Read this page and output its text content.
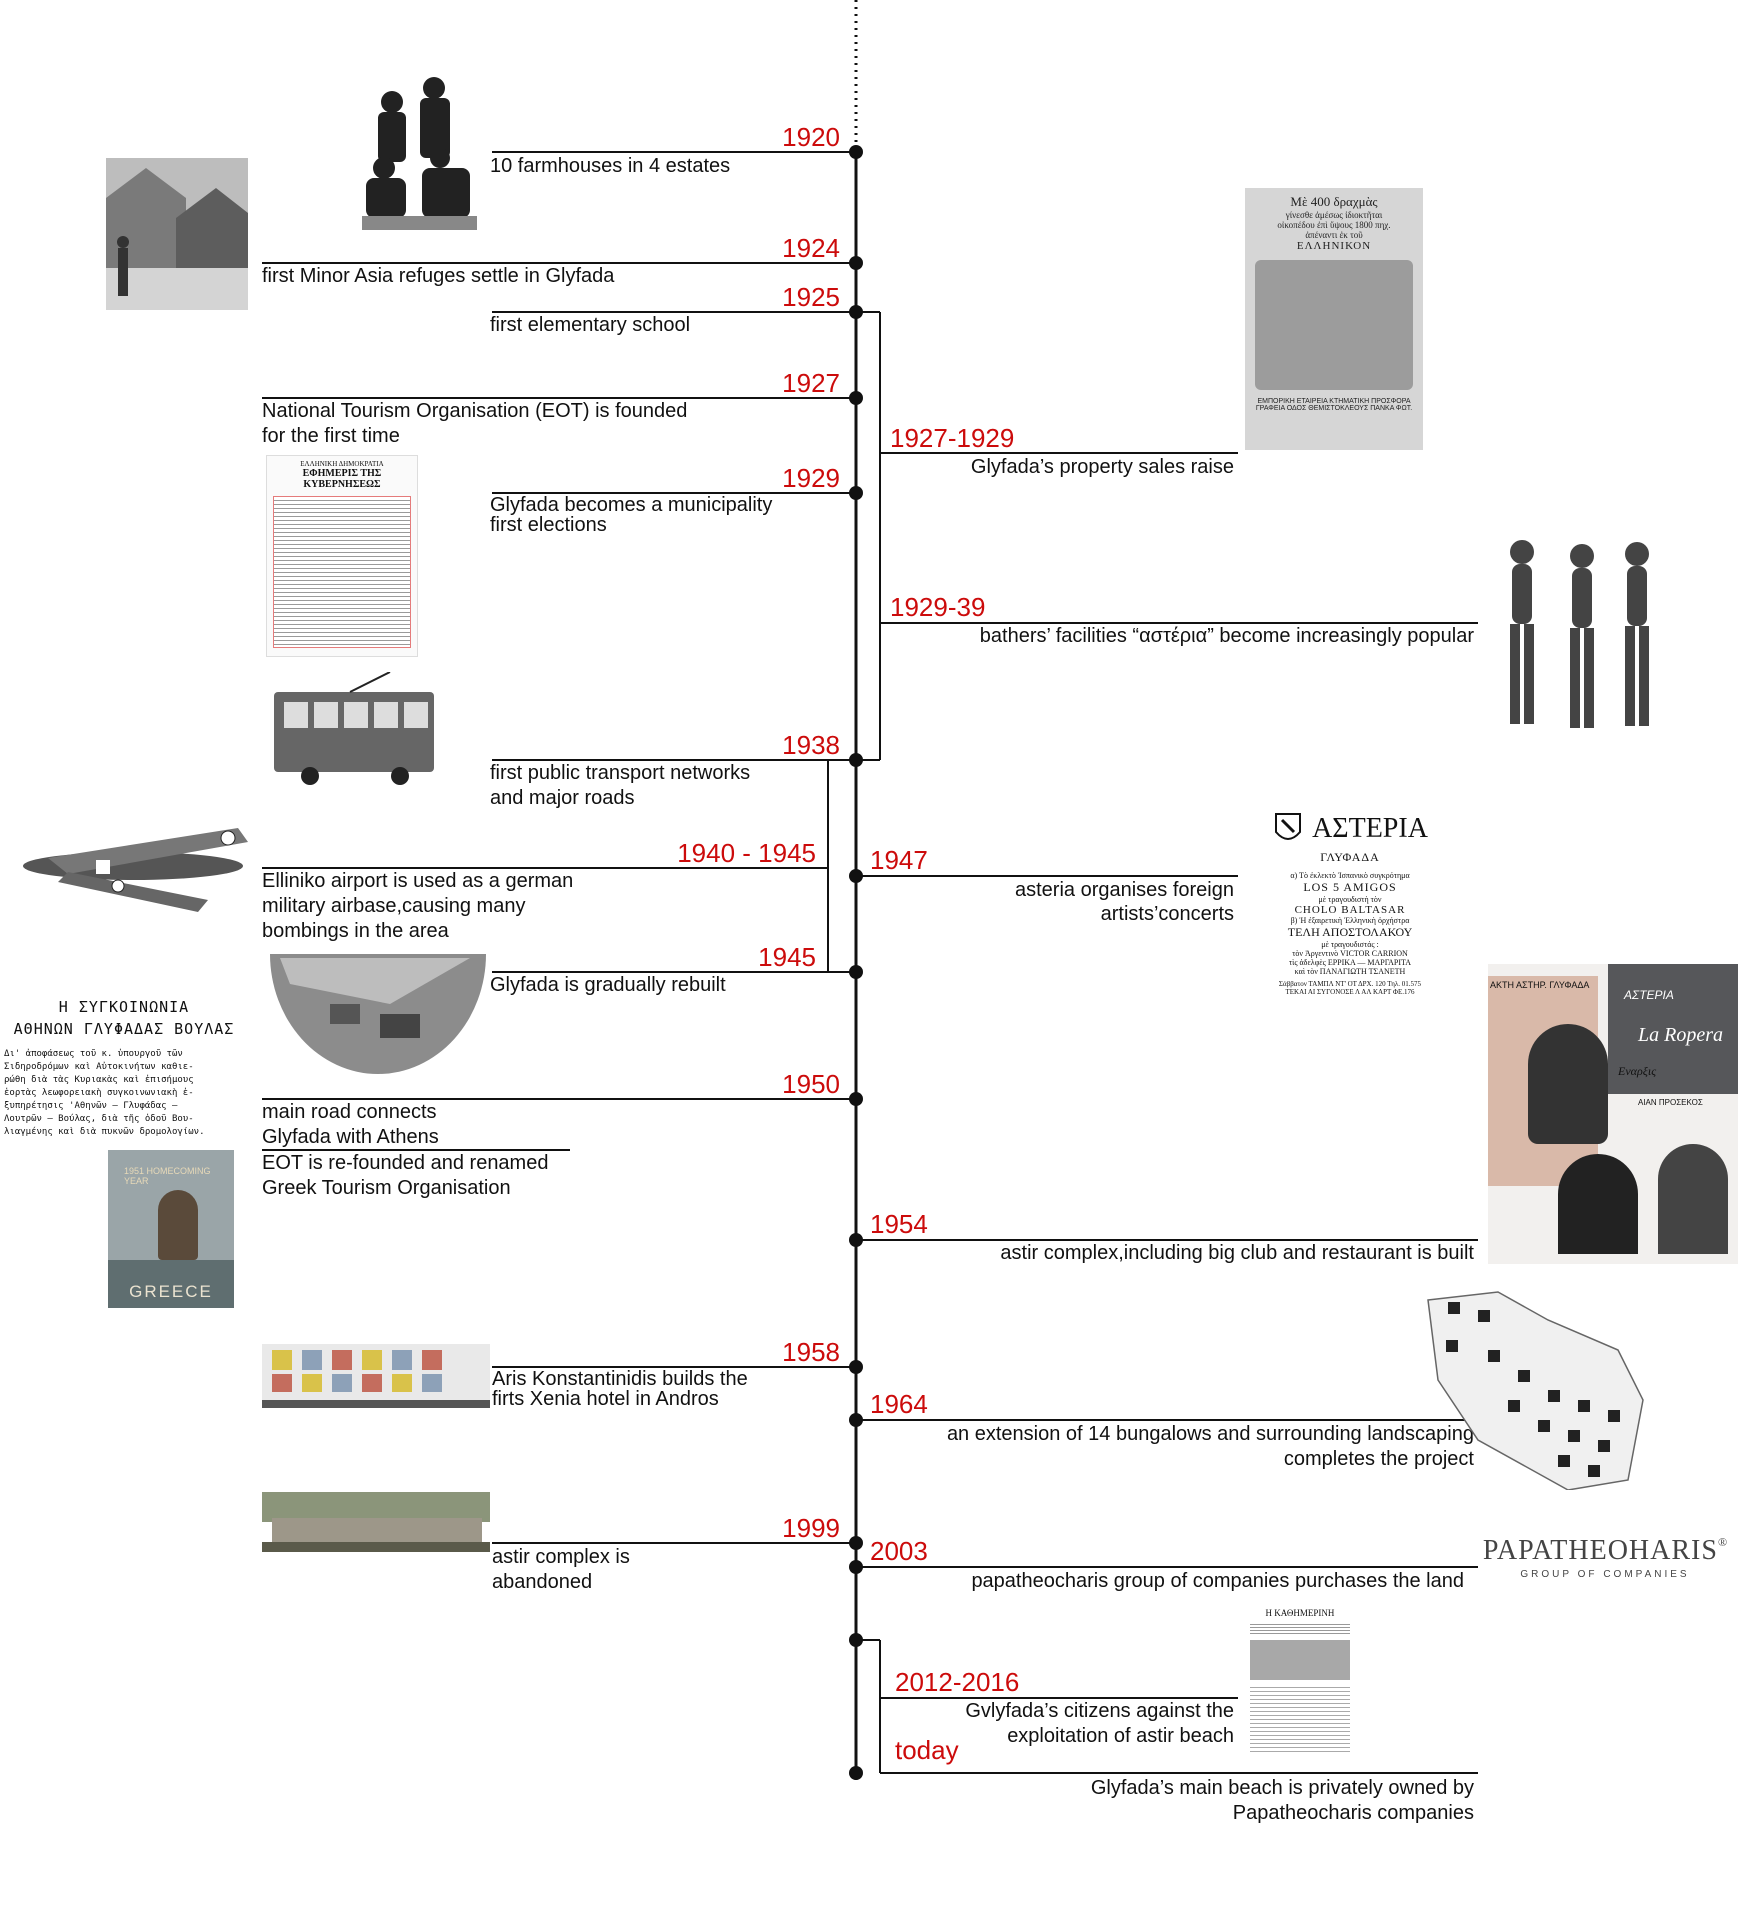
1920
10 farmhouses in 4 estates
1924
first Minor Asia refuges settle in Glyfada
1925
first elementary school
1927
National Tourism Organisation (EOT) is founded
for the first time
1929
Glyfada becomes a municipality
first elections
1938
first public transport networks
and major roads
1940 - 1945
Elliniko airport is used as a german
military airbase,causing many
bombings in the area
1945
Glyfada is gradually rebuilt
1950
main road connects
Glyfada with Athens
EOT is re-founded and renamed
Greek Tourism Organisation
1958
Aris Konstantinidis builds the
firts Xenia hotel in Andros
1999
astir complex is
abandoned
1927-1929
Glyfada’s property sales raise
1929-39
bathers’ facilities “αστέρια” become increasingly popular
1947
asteria organises foreign
artists’concerts
1954
astir complex,including big club and restaurant is built
1964
an extension of 14 bungalows and surrounding landscaping
completes the project
2003
papatheocharis group of companies purchases the land
2012-2016
Gvlyfada’s citizens against the
exploitation of astir beach
today
Glyfada’s main beach is privately owned by
Papatheocharis companies
ΕΛΛΗΝΙΚΗ ΔΗΜΟΚΡΑΤΙΑ
ΕΦΗΜΕΡΙΣ ΤΗΣ ΚΥΒΕΡΝΗΣΕΩΣ
Η ΣΥΓΚΟΙΝΩΝΙΑ
ΑΘΗΝΩΝ ΓΛΥΦΑΔΑΣ ΒΟΥΛΑΣ
Δι' ἀποφάσεως τοῦ κ. ὑπουργοῦ τῶν
Σιδηροδρόμων καὶ Αὐτοκινήτων καθιε-
ρώθη διὰ τὰς Κυριακὰς καὶ ἐπισήμους
ἑορτὰς λεωφορειακὴ συγκοινωνιακὴ ἐ-
ξυπηρέτησις 'Αθηνῶν — Γλυφάδας —
Λουτρῶν — Βούλας, διὰ τῆς ὁδοῦ Βου-
λιαγμένης καὶ διὰ πυκνῶν δρομολογίων.
1951 HOMECOMING YEAR
GREECE
Μὲ 400 δραχμὰς
γίνεσθε ἀμέσως ἰδιοκτῆται
οἰκοπέδου ἐπὶ ὕψους 1800 πηχ.
ἀπέναντι ἐκ τοῦ
ΕΛΛΗΝΙΚΟΝ
ΕΜΠΟΡΙΚΗ ΕΤΑΙΡΕΙΑ ΚΤΗΜΑΤΙΚΗ ΠΡΟΣΦΟΡΑ
ΓΡΑΦΕΙΑ ΟΔΟΣ ΘΕΜΙΣΤΟΚΛΕΟΥΣ ΠΑΝΚΑ ΦΩΤ.
ΑΣΤΕΡΙΑ
ΓΛΥΦΑΔΑ
α) Τὸ ἐκλεκτὸ Ἰσπανικὸ συγκρότημα
LOS 5 AMIGOS
μὲ τραγουδιστὴ τὸν
CHOLO BALTASAR
β) Ἡ ἐξαιρετικὴ Ἑλληνικὴ ὀρχήστρα
ΤΕΛΗ ΑΠΟΣΤΟΛΑΚΟΥ
μὲ τραγουδιστάς :
τὸν Ἀργεντινὸ VICTOR CARRION
τὶς ἀδελφὲς ΕΡΡΙΚΑ — ΜΑΡΓΑΡΙΤΑ
καὶ τὸν ΠΑΝΑΓΙΩΤΗ ΤΣΑΝΕΤΗ
Σάββατον ΤΑΜΠΛ ΝΤ' ΟΤ ΔΡΧ. 120 Τηλ. 01.575
ΤΕΚΑΙ ΑΙ ΣΥΓΟΝΟΣΕ Λ ΑΛ ΚΑΡΤ ΦΕ.176
ΑΚΤΗ ΑΣΤΗΡ. ΓΛΥΦΑΔΑ
ΑΣΤΕΡΙΑ
La Ropera
Εναρξις
ΑΙΑΝ ΠΡΟΣΕΚΟΣ
PAPATHEOHARIS®
GROUP OF COMPANIES
Η ΚΑΘΗΜΕΡΙΝΗ
